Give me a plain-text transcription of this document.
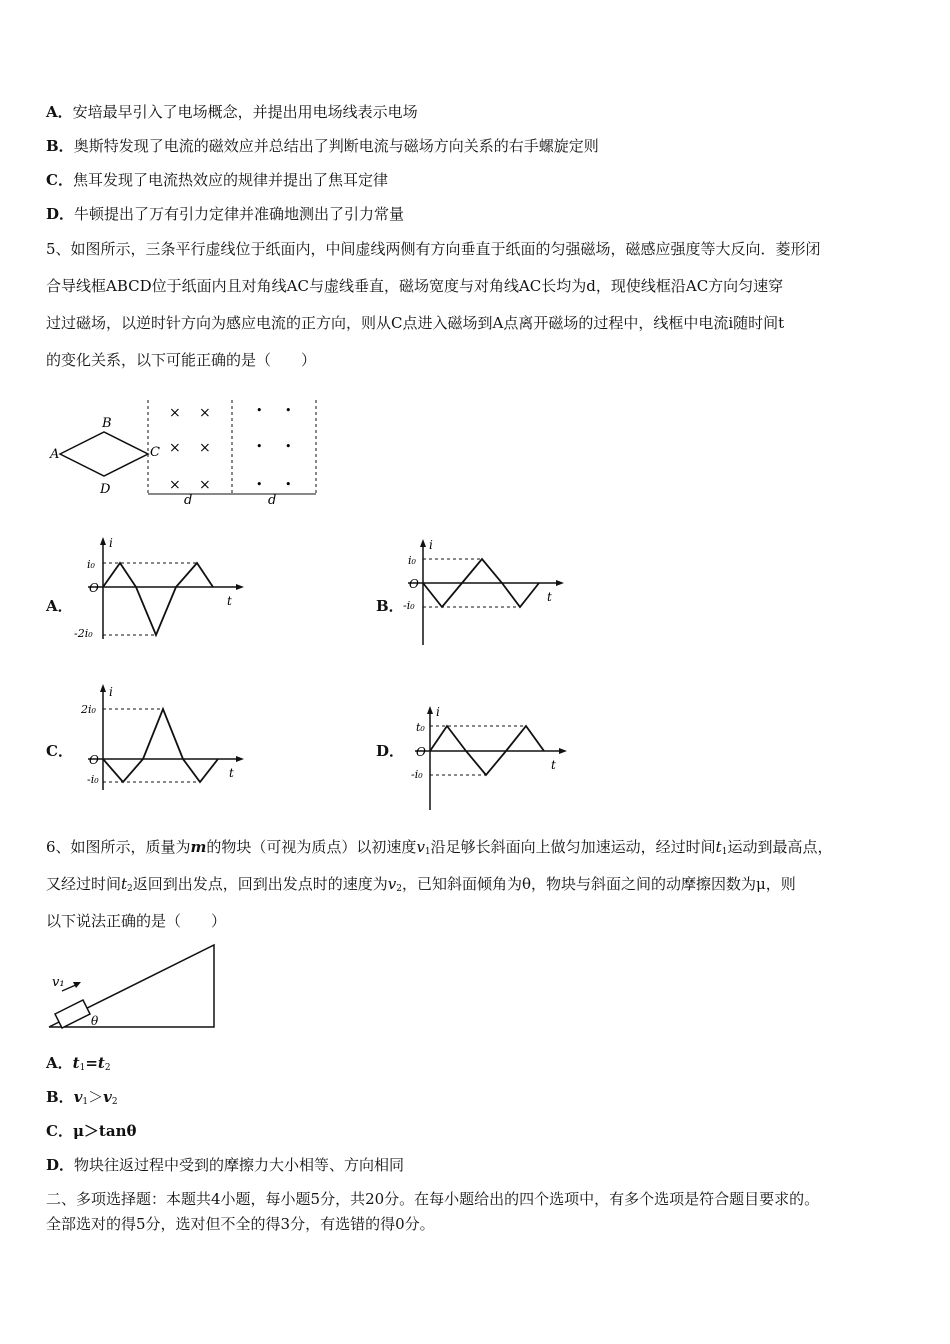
A．安培最早引入了电场概念，并提出用电场线表示电场
B．奥斯特发现了电流的磁效应并总结出了判断电流与磁场方向关系的右手螺旋定则
C．焦耳发现了电流热效应的规律并提出了焦耳定律
D．牛顿提出了万有引力定律并准确地测出了引力常量
5、如图所示，三条平行虚线位于纸面内，中间虚线两侧有方向垂直于纸面的匀强磁场，磁感应强度等大反向．菱形闭
合导线框ABCD位于纸面内且对角线AC与虚线垂直，磁场宽度与对角线AC长均为d，现使线框沿AC方向匀速穿
过过磁场，以逆时针方向为感应电流的正方向，则从C点进入磁场到A点离开磁场的过程中，线框中电流i随时间t
的变化关系，以下可能正确的是（　　）
A
B
C
D
× ×
× ×
× ×
• •
• •
• •
d	d
A．
i
t
O
i₀
-2i₀
B．
i
t
O
i₀
-i₀
C．
i
t
O
2i₀
-i₀
D．
i
t
O
t₀
-i₀
6、如图所示，质量为m的物块（可视为质点）以初速度$v_1$沿足够长斜面向上做匀加速运动，经过时间$t_1$运动到最高点，
又经过时间$t_2$返回到出发点，回到出发点时的速度为$v_2$，已知斜面倾角为θ，物块与斜面之间的动摩擦因数为μ，则
以下说法正确的是（　　）
v₁
θ
A．$t_1=t_2$
B．$v_1>v_2$
C．μ＞tanθ
D．物块往返过程中受到的摩擦力大小相等、方向相同
二、多项选择题：本题共4小题，每小题5分，共20分。在每小题给出的四个选项中，有多个选项是符合题目要求的。
全部选对的得5分，选对但不全的得3分，有选错的得0分。
